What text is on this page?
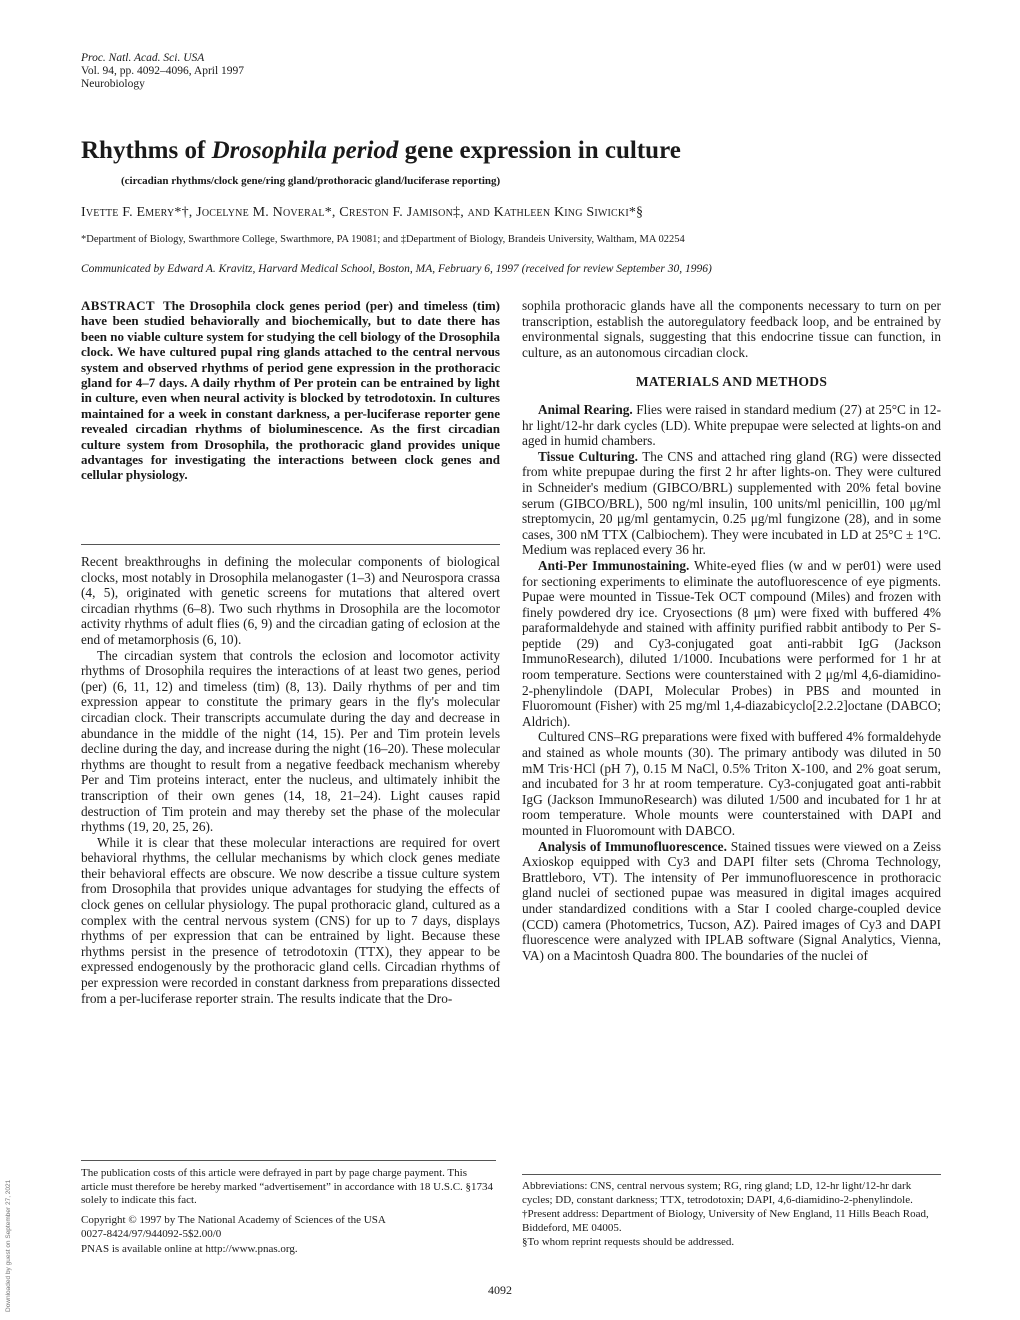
Proc. Natl. Acad. Sci. USA
Vol. 94, pp. 4092–4096, April 1997
Neurobiology
Rhythms of Drosophila period gene expression in culture
(circadian rhythms/clock gene/ring gland/prothoracic gland/luciferase reporting)
Ivette F. Emery*†, Jocelyne M. Noveral*, Creston F. Jamison‡, and Kathleen King Siwicki*§
*Department of Biology, Swarthmore College, Swarthmore, PA 19081; and ‡Department of Biology, Brandeis University, Waltham, MA 02254
Communicated by Edward A. Kravitz, Harvard Medical School, Boston, MA, February 6, 1997 (received for review September 30, 1996)

ABSTRACT The Drosophila clock genes period (per) and timeless (tim) have been studied behaviorally and biochemically, but to date there has been no viable culture system for studying the cell biology of the Drosophila clock. We have cultured pupal ring glands attached to the central nervous system and observed rhythms of period gene expression in the prothoracic gland for 4–7 days. A daily rhythm of Per protein can be entrained by light in culture, even when neural activity is blocked by tetrodotoxin. In cultures maintained for a week in constant darkness, a per-luciferase reporter gene revealed circadian rhythms of bioluminescence. As the first circadian culture system from Drosophila, the prothoracic gland provides unique advantages for investigating the interactions between clock genes and cellular physiology.

Recent breakthroughs in defining the molecular components of biological clocks, most notably in Drosophila melanogaster (1–3) and Neurospora crassa (4, 5), originated with genetic screens for mutations that altered overt circadian rhythms (6–8). Two such rhythms in Drosophila are the locomotor activity rhythms of adult flies (6, 9) and the circadian gating of eclosion at the end of metamorphosis (6, 10).

The circadian system that controls the eclosion and locomotor activity rhythms of Drosophila requires the interactions of at least two genes, period (per) (6, 11, 12) and timeless (tim) (8, 13). Daily rhythms of per and tim expression appear to constitute the primary gears in the fly's molecular circadian clock. Their transcripts accumulate during the day and decrease in abundance in the middle of the night (14, 15). Per and Tim protein levels decline during the day, and increase during the night (16–20). These molecular rhythms are thought to result from a negative feedback mechanism whereby Per and Tim proteins interact, enter the nucleus, and ultimately inhibit the transcription of their own genes (14, 18, 21–24). Light causes rapid destruction of Tim protein and may thereby set the phase of the molecular rhythms (19, 20, 25, 26).

While it is clear that these molecular interactions are required for overt behavioral rhythms, the cellular mechanisms by which clock genes mediate their behavioral effects are obscure. We now describe a tissue culture system from Drosophila that provides unique advantages for studying the effects of clock genes on cellular physiology. The pupal prothoracic gland, cultured as a complex with the central nervous system (CNS) for up to 7 days, displays rhythms of per expression that can be entrained by light. Because these rhythms persist in the presence of tetrodotoxin (TTX), they appear to be expressed endogenously by the prothoracic gland cells. Circadian rhythms of per expression were recorded in constant darkness from preparations dissected from a per-luciferase reporter strain. The results indicate that the Dro-

sophila prothoracic glands have all the components necessary to turn on per transcription, establish the autoregulatory feedback loop, and be entrained by environmental signals, suggesting that this endocrine tissue can function, in culture, as an autonomous circadian clock.

MATERIALS AND METHODS

Animal Rearing. Flies were raised in standard medium (27) at 25°C in 12-hr light/12-hr dark cycles (LD). White prepupae were selected at lights-on and aged in humid chambers.

Tissue Culturing. The CNS and attached ring gland (RG) were dissected from white prepupae during the first 2 hr after lights-on. They were cultured in Schneider's medium (GIBCO/BRL) supplemented with 20% fetal bovine serum (GIBCO/BRL), 500 ng/ml insulin, 100 units/ml penicillin, 100 μg/ml streptomycin, 20 μg/ml gentamycin, 0.25 μg/ml fungizone (28), and in some cases, 300 nM TTX (Calbiochem). They were incubated in LD at 25°C ± 1°C. Medium was replaced every 36 hr.

Anti-Per Immunostaining. White-eyed flies (w and w per01) were used for sectioning experiments to eliminate the autofluorescence of eye pigments. Pupae were mounted in Tissue-Tek OCT compound (Miles) and frozen with finely powdered dry ice. Cryosections (8 μm) were fixed with buffered 4% paraformaldehyde and stained with affinity purified rabbit antibody to Per S-peptide (29) and Cy3-conjugated goat anti-rabbit IgG (Jackson ImmunoResearch), diluted 1/1000. Incubations were performed for 1 hr at room temperature. Sections were counterstained with 2 μg/ml 4,6-diamidino-2-phenylindole (DAPI, Molecular Probes) in PBS and mounted in Fluoromount (Fisher) with 25 mg/ml 1,4-diazabicyclo[2.2.2]octane (DABCO; Aldrich).

Cultured CNS–RG preparations were fixed with buffered 4% formaldehyde and stained as whole mounts (30). The primary antibody was diluted in 50 mM Tris·HCl (pH 7), 0.15 M NaCl, 0.5% Triton X-100, and 2% goat serum, and incubated for 3 hr at room temperature. Cy3-conjugated goat anti-rabbit IgG (Jackson ImmunoResearch) was diluted 1/500 and incubated for 1 hr at room temperature. Whole mounts were counterstained with DAPI and mounted in Fluoromount with DABCO.

Analysis of Immunofluorescence. Stained tissues were viewed on a Zeiss Axioskop equipped with Cy3 and DAPI filter sets (Chroma Technology, Brattleboro, VT). The intensity of Per immunofluorescence in prothoracic gland nuclei of sectioned pupae was measured in digital images acquired under standardized conditions with a Star I cooled charge-coupled device (CCD) camera (Photometrics, Tucson, AZ). Paired images of Cy3 and DAPI fluorescence were analyzed with IPLAB software (Signal Analytics, Vienna, VA) on a Macintosh Quadra 800. The boundaries of the nuclei of

The publication costs of this article were defrayed in part by page charge payment. This article must therefore be hereby marked “advertisement” in accordance with 18 U.S.C. §1734 solely to indicate this fact.

Copyright © 1997 by The National Academy of Sciences of the USA

0027-8424/97/944092-5$2.00/0

PNAS is available online at http://www.pnas.org.

Abbreviations: CNS, central nervous system; RG, ring gland; LD, 12-hr light/12-hr dark cycles; DD, constant darkness; TTX, tetrodotoxin; DAPI, 4,6-diamidino-2-phenylindole.

†Present address: Department of Biology, University of New England, 11 Hills Beach Road, Biddeford, ME 04005.

§To whom reprint requests should be addressed.

4092
Downloaded by guest on September 27, 2021
